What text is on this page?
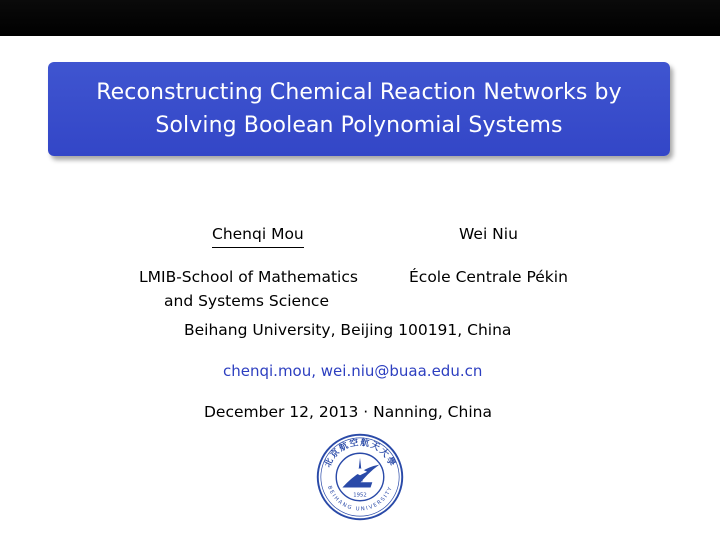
Reconstructing Chemical Reaction Networks by
Solving Boolean Polynomial Systems
Chenqi Mou	Wei Niu
LMIB-School of Mathematics
and Systems Science
École Centrale Pékin
Beihang University, Beijing 100191, China
chenqi.mou, wei.niu@buaa.edu.cn
December 12, 2013 · Nanning, China
北京航空航天大學
BEIHANG UNIVERSITY
1952
